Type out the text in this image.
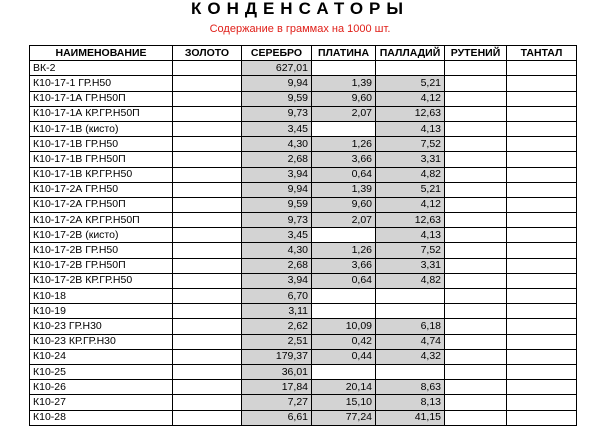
КОНДЕНСАТОРЫ
Содержание в граммах на 1000 шт.
НАИМЕНОВАНИЕ	ЗОЛОТО	СЕРЕБРО	ПЛАТИНА	ПАЛЛАДИЙ	РУТЕНИЙ	ТАНТАЛ
ВК-2		627,01				
К10-17-1 ГР.Н50		9,94	1,39	5,21		
К10-17-1А ГР.Н50П		9,59	9,60	4,12		
К10-17-1А КР.ГР.Н50П		9,73	2,07	12,63		
К10-17-1В (кисто)		3,45		4,13		
К10-17-1В ГР.Н50		4,30	1,26	7,52		
К10-17-1В ГР.Н50П		2,68	3,66	3,31		
К10-17-1В КР.ГР.Н50		3,94	0,64	4,82		
К10-17-2А ГР.Н50		9,94	1,39	5,21		
К10-17-2А ГР.Н50П		9,59	9,60	4,12		
К10-17-2А КР.ГР.Н50П		9,73	2,07	12,63		
К10-17-2В (кисто)		3,45		4,13		
К10-17-2В ГР.Н50		4,30	1,26	7,52		
К10-17-2В ГР.Н50П		2,68	3,66	3,31		
К10-17-2В КР.ГР.Н50		3,94	0,64	4,82		
К10-18		6,70				
К10-19		3,11				
К10-23 ГР.Н30		2,62	10,09	6,18		
К10-23 КР.ГР.Н30		2,51	0,42	4,74		
К10-24		179,37	0,44	4,32		
К10-25		36,01				
К10-26		17,84	20,14	8,63		
К10-27		7,27	15,10	8,13		
К10-28		6,61	77,24	41,15		
